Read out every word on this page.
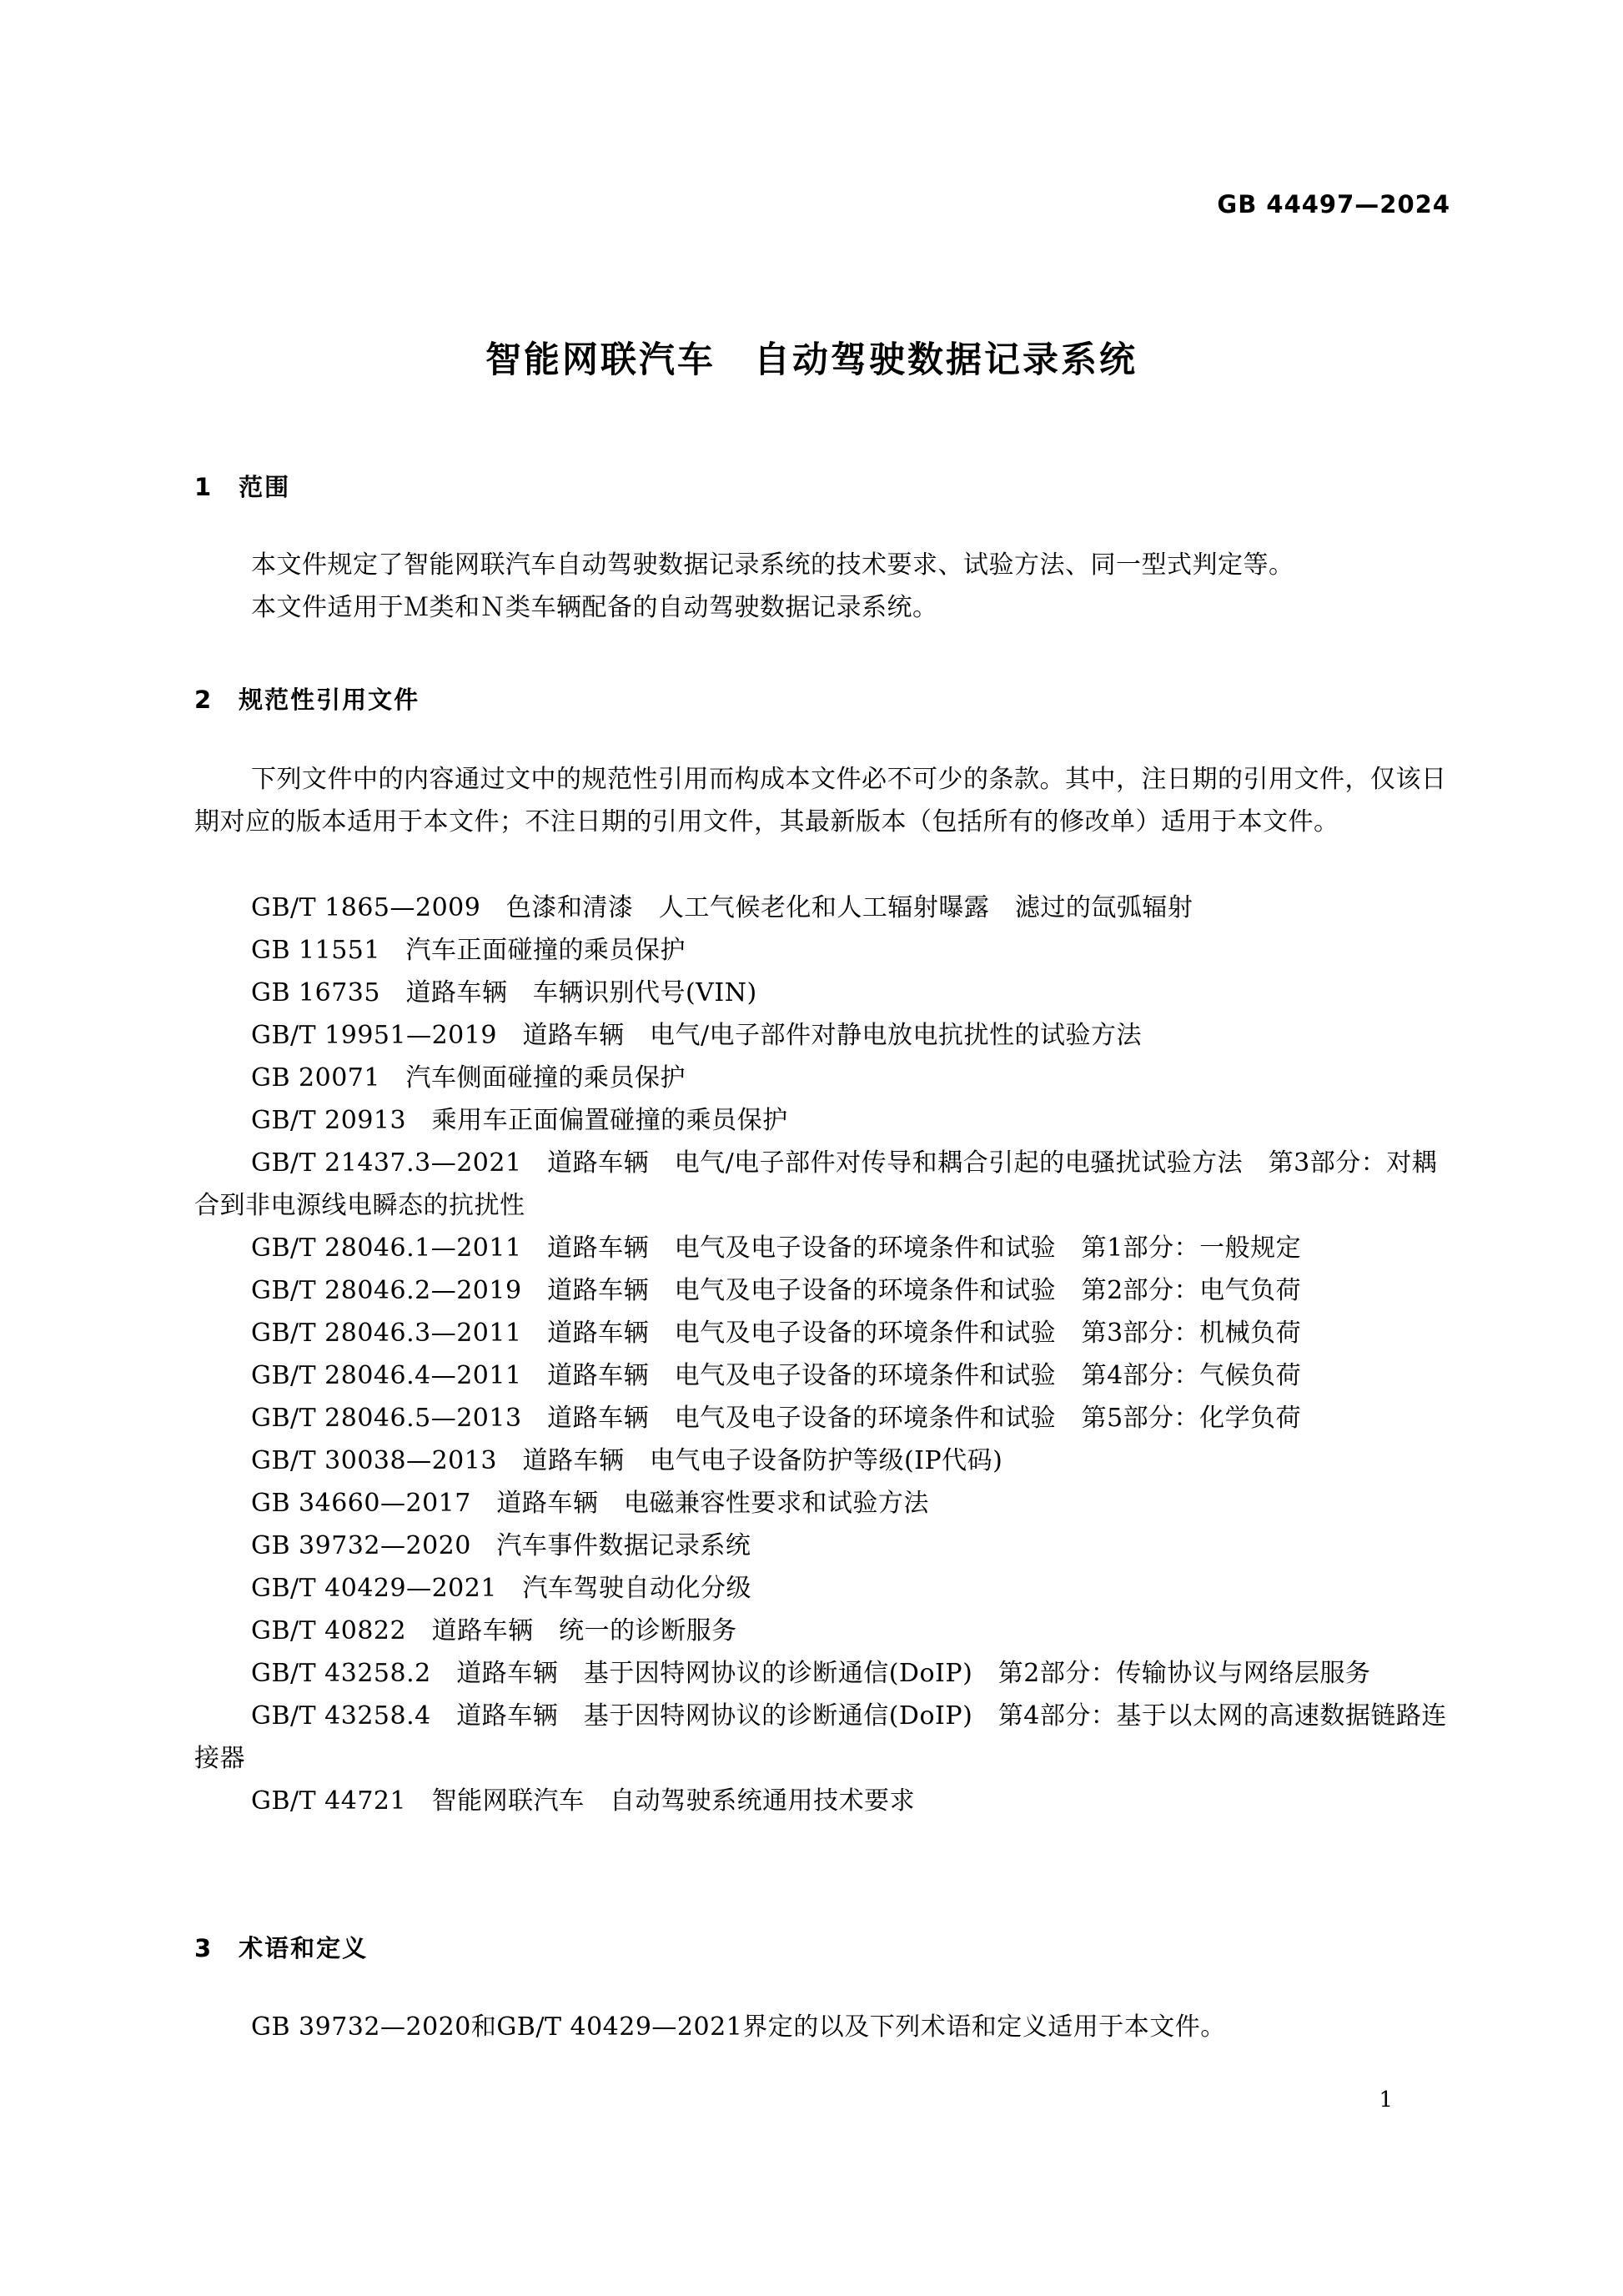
GB 44497—2024
智能网联汽车　自动驾驶数据记录系统
1　范围

本文件规定了智能网联汽车自动驾驶数据记录系统的技术要求、试验方法、同一型式判定等。

本文件适用于Ｍ类和Ｎ类车辆配备的自动驾驶数据记录系统。

2　规范性引用文件

下列文件中的内容通过文中的规范性引用而构成本文件必不可少的条款。其中，注日期的引用文件，仅该日期对应的版本适用于本文件；不注日期的引用文件，其最新版本（包括所有的修改单）适用于本文件。

GB/T 1865—2009　色漆和清漆　人工气候老化和人工辐射曝露　滤过的氙弧辐射
GB 11551　汽车正面碰撞的乘员保护
GB 16735　道路车辆　车辆识别代号(VIN)
GB/T 19951—2019　道路车辆　电气/电子部件对静电放电抗扰性的试验方法
GB 20071　汽车侧面碰撞的乘员保护
GB/T 20913　乘用车正面偏置碰撞的乘员保护
GB/T 21437.3—2021　道路车辆　电气/电子部件对传导和耦合引起的电骚扰试验方法　第3部分：对耦合到非电源线电瞬态的抗扰性
GB/T 28046.1—2011　道路车辆　电气及电子设备的环境条件和试验　第1部分：一般规定
GB/T 28046.2—2019　道路车辆　电气及电子设备的环境条件和试验　第2部分：电气负荷
GB/T 28046.3—2011　道路车辆　电气及电子设备的环境条件和试验　第3部分：机械负荷
GB/T 28046.4—2011　道路车辆　电气及电子设备的环境条件和试验　第4部分：气候负荷
GB/T 28046.5—2013　道路车辆　电气及电子设备的环境条件和试验　第5部分：化学负荷
GB/T 30038—2013　道路车辆　电气电子设备防护等级(IP代码)
GB 34660—2017　道路车辆　电磁兼容性要求和试验方法
GB 39732—2020　汽车事件数据记录系统
GB/T 40429—2021　汽车驾驶自动化分级
GB/T 40822　道路车辆　统一的诊断服务
GB/T 43258.2　道路车辆　基于因特网协议的诊断通信(DoIP)　第2部分：传输协议与网络层服务
GB/T 43258.4　道路车辆　基于因特网协议的诊断通信(DoIP)　第4部分：基于以太网的高速数据链路连接器
GB/T 44721　智能网联汽车　自动驾驶系统通用技术要求
3　术语和定义

GB 39732—2020和GB/T 40429—2021界定的以及下列术语和定义适用于本文件。

1
